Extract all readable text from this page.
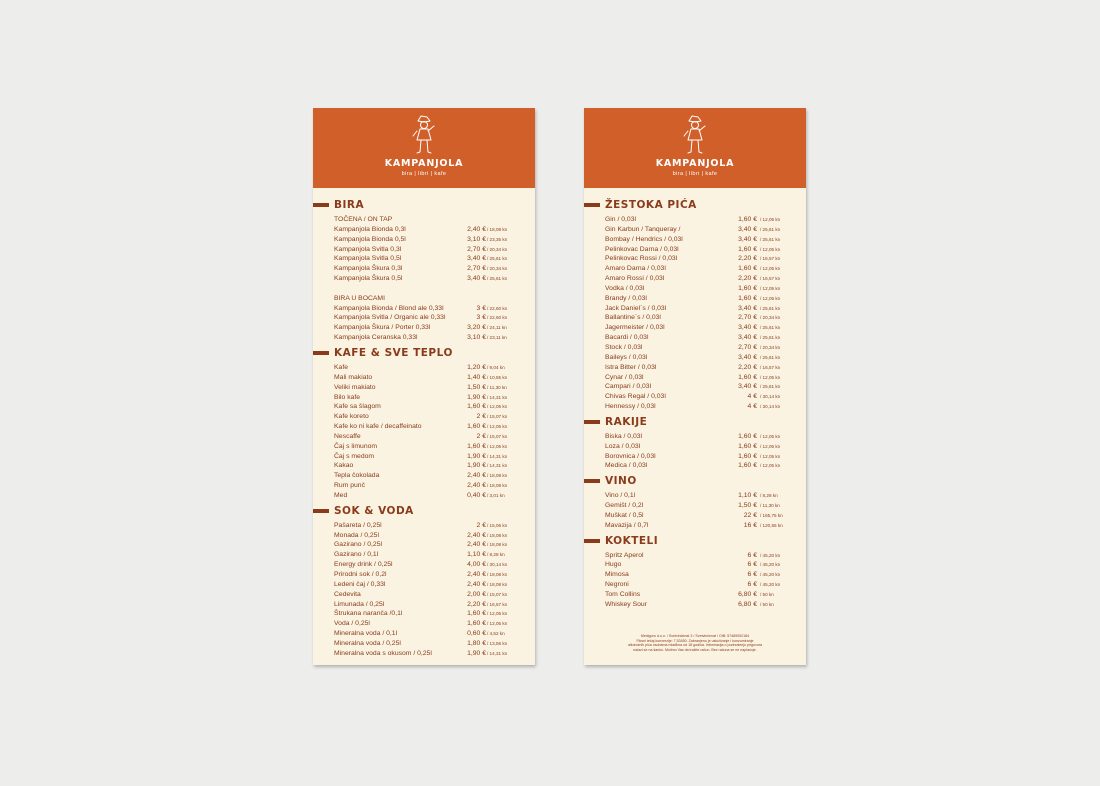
KAMPANJOLA
bira | libri | kafe
BIRA
TOČENA / ON TAP
Kampanjola Bionda 0,3l	2,40 € / 18,08 kn
Kampanjola Bionda 0,5l	3,10 € / 23,35 kn
Kampanjola Svitla 0,3l	2,70 € / 20,34 kn
Kampanjola Svitla 0,5l	3,40 € / 25,61 kn
Kampanjola Škura 0,3l	2,70 € / 20,34 kn
Kampanjola Škura 0,5l	3,40 € / 25,61 kn
BIRA U BOCAMI
Kampanjola Bionda / Blond ale 0,33l	3 € / 22,60 kn
Kampanjola Svitla / Organic ale 0,33l	3 € / 22,60 kn
Kampanjola Škura / Porter 0,33l	3,20 € / 24,11 kn
Kampanjola Ceranska 0,33l	3,10 € / 23,11 kn
KAFE & SVE TEPLO
Kafe	1,20 € / 9,04 kn
Mali makiato	1,40 € / 10,55 kn
Veliki makiato	1,50 € / 11,30 kn
Bilo kafe	1,90 € / 14,31 kn
Kafe sa šlagom	1,60 € / 12,05 kn
Kafe koreto	2 € / 15,07 kn
Kafe ko ni kafe / decaffeinato	1,60 € / 12,05 kn
Nescaffe	2 € / 15,07 kn
Čaj s limunom	1,60 € / 12,05 kn
Čaj s medom	1,90 € / 14,31 kn
Kakao	1,90 € / 14,31 kn
Tepla čokolada	2,40 € / 18,08 kn
Rum punč	2,40 € / 18,08 kn
Med	0,40 € / 3,01 kn
SOK & VODA
Pašareta / 0,25l	2 € / 15,06 kn
Monada / 0,25l	2,40 € / 18,08 kn
Gazirano / 0,25l	2,40 € / 18,08 kn
Gazirano / 0,1l	1,10 € / 8,28 kn
Energy drink / 0,25l	4,00 € / 30,14 kn
Prirodni sok / 0,2l	2,40 € / 18,08 kn
Ledeni čaj / 0,33l	2,40 € / 18,08 kn
Cedevita	2,00 € / 15,07 kn
Limunada / 0,25l	2,20 € / 16,57 kn
Štrukana naranča /0,1l	1,60 € / 12,05 kn
Voda / 0,25l	1,60 € / 12,05 kn
Mineralna voda / 0,1l	0,60 € / 4,52 kn
Mineralna voda / 0,25l	1,80 € / 13,56 kn
Mineralna voda s okusom / 0,25l	1,90 € / 14,31 kn
KAMPANJOLA
bira | libri | kafe
ŽESTOKA PIĆA
Gin / 0,03l	1,60 € / 12,05 kn
Gin Karbun / Tanqueray /	3,40 € / 25,61 kn
Bombay / Hendrics / 0,03l	3,40 € / 25,61 kn
Pelinkovac Darna / 0,03l	1,60 € / 12,05 kn
Pelinkovac Rossi / 0,03l	2,20 € / 16,57 kn
Amaro Darna / 0,03l	1,60 € / 12,05 kn
Amaro Rossi / 0,03l	2,20 € / 16,57 kn
Vodka / 0,03l	1,60 € / 12,05 kn
Brandy / 0,03l	1,60 € / 12,05 kn
Jack Daniel`s / 0,03l	3,40 € / 25,61 kn
Ballantine`s / 0,03l	2,70 € / 20,34 kn
Jagermeister / 0,03l	3,40 € / 25,61 kn
Bacardi / 0,03l	3,40 € / 25,61 kn
Stock / 0,03l	2,70 € / 20,34 kn
Baileys / 0,03l	3,40 € / 25,61 kn
Istra Bitter / 0,03l	2,20 € / 16,57 kn
Cynar / 0,03l	1,60 € / 12,05 kn
Campari / 0,03l	3,40 € / 25,61 kn
Chivas Regal / 0,03l	4 € / 30,14 kn
Hennessy / 0,03l	4 € / 30,14 kn
RAKIJE
Biska / 0,03l	1,60 € / 12,05 kn
Loza / 0,03l	1,60 € / 12,05 kn
Borovnica / 0,03l	1,60 € / 12,05 kn
Medica / 0,03l	1,60 € / 12,05 kn
VINO
Vino / 0,1l	1,10 € / 8,28 kn
Gemišt / 0,2l	1,50 € / 11,30 kn
Muškat / 0,5l	22 € / 165,75 kn
Mavazija / 0,7l	16 € / 120,55 kn
KOKTELI
Spritz Aperol	6 € / 45,20 kn
Hugo	6 € / 45,20 kn
Mimosa	6 € / 45,20 kn
Negroni	6 € / 45,20 kn
Tom Collins	6,80 € / 50 kn
Whiskey Sour	6,80 € / 50 kn
Medigoro d.o.o. / Svetvinčenat 3 / Svetvinčenat / OIB: 57489052184
Fiksni tečaj konverzije: 7,53450. Zabranjeno je usluživanje i konzumiranje
alkoholnih pića osobama mlađima od 18 godina. Informacija o podnošenju prigovora
nalazi se na šanku. Molimo Vas da tražite račun. Bez računa se ne naplaćuje.
